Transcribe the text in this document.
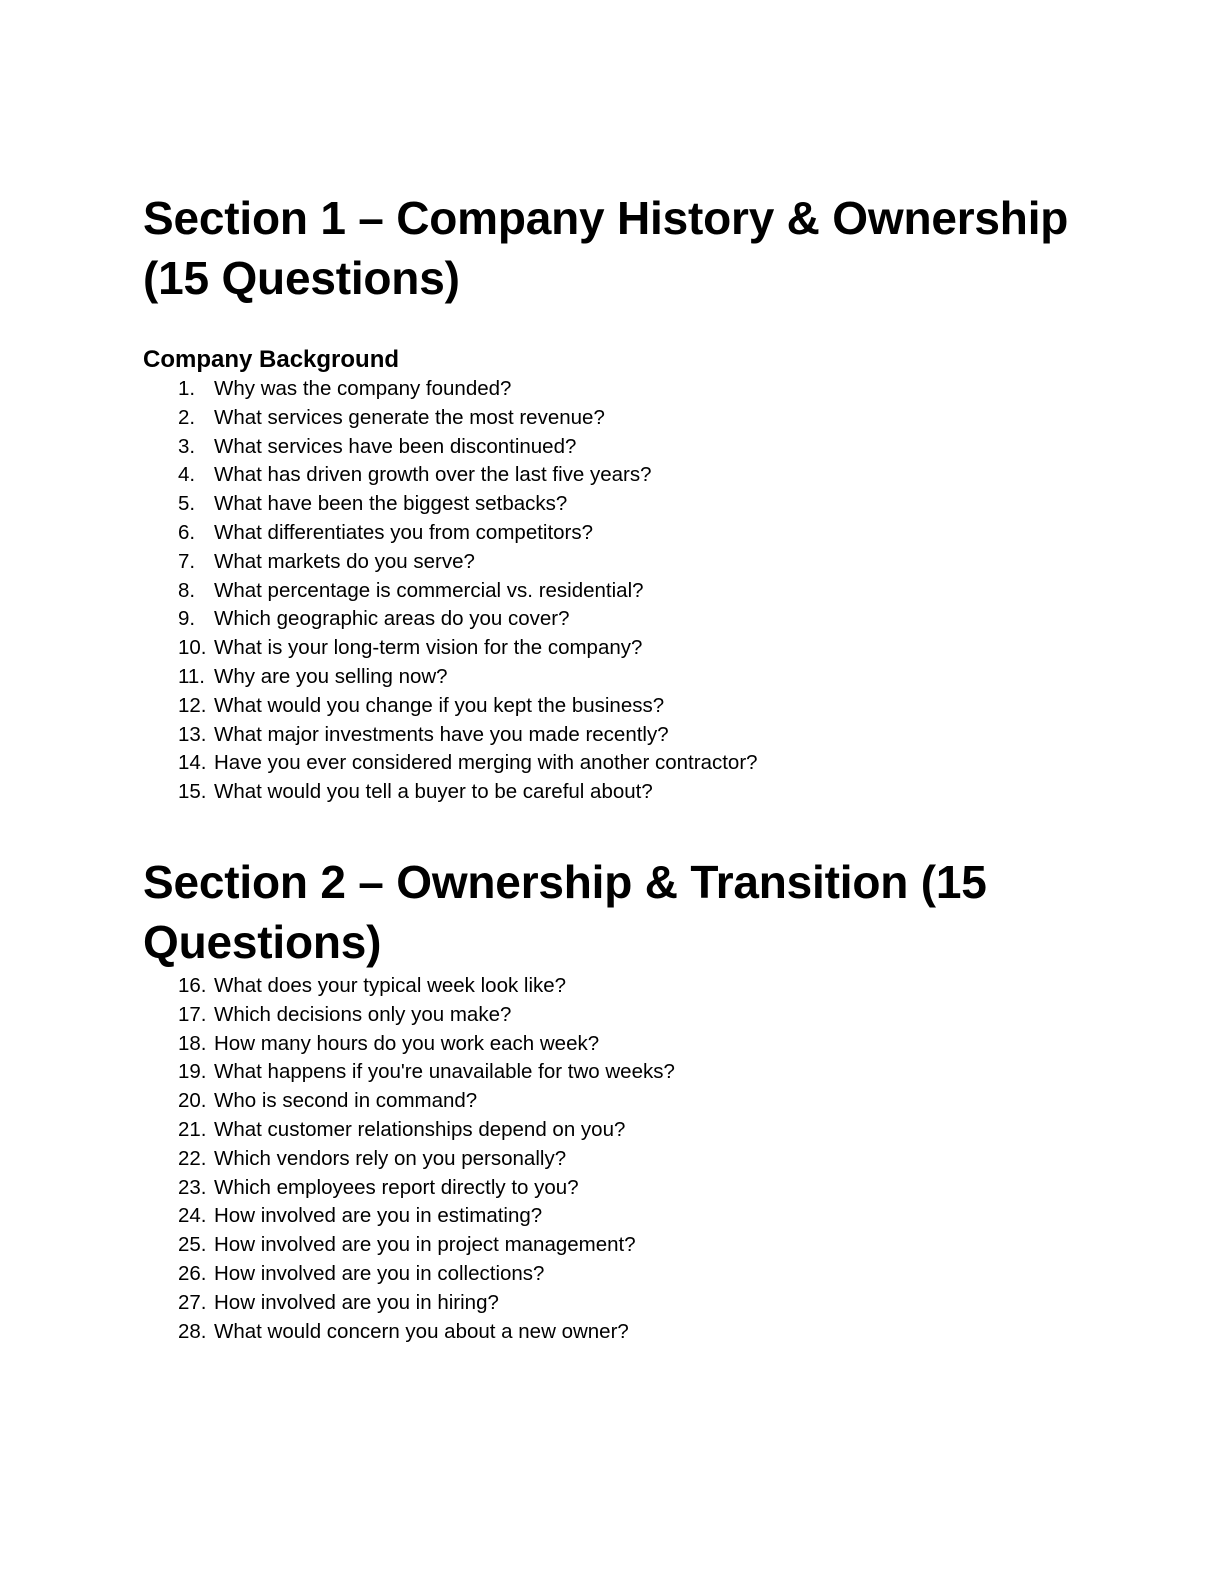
Section 1 – Company History & Ownership (15 Questions)
Company Background
1. Why was the company founded?
2. What services generate the most revenue?
3. What services have been discontinued?
4. What has driven growth over the last five years?
5. What have been the biggest setbacks?
6. What differentiates you from competitors?
7. What markets do you serve?
8. What percentage is commercial vs. residential?
9. Which geographic areas do you cover?
10. What is your long-term vision for the company?
11. Why are you selling now?
12. What would you change if you kept the business?
13. What major investments have you made recently?
14. Have you ever considered merging with another contractor?
15. What would you tell a buyer to be careful about?
Section 2 – Ownership & Transition (15 Questions)
16. What does your typical week look like?
17. Which decisions only you make?
18. How many hours do you work each week?
19. What happens if you're unavailable for two weeks?
20. Who is second in command?
21. What customer relationships depend on you?
22. Which vendors rely on you personally?
23. Which employees report directly to you?
24. How involved are you in estimating?
25. How involved are you in project management?
26. How involved are you in collections?
27. How involved are you in hiring?
28. What would concern you about a new owner?
